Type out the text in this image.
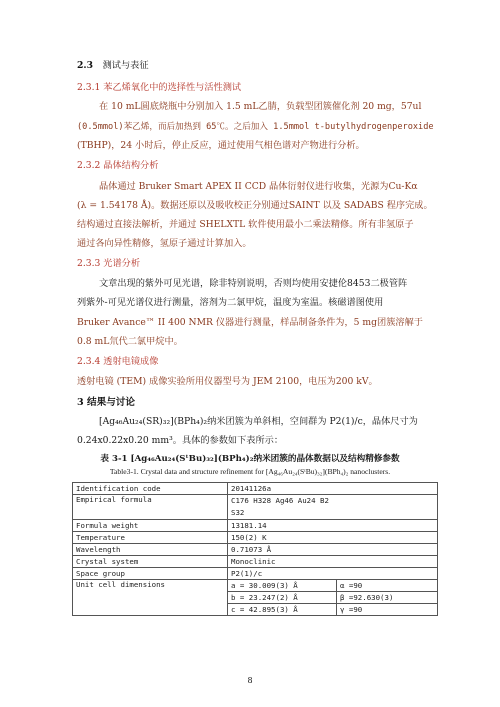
2.3 测试与表征
2.3.1 苯乙烯氧化中的选择性与活性测试
在 10 mL圆底烧瓶中分别加入 1.5 mL乙腈，负载型团簇催化剂 20 mg，57ul
(0.5mmol)苯乙烯，而后加热到 65℃。之后加入 1.5mmol t-butylhydrogenperoxide
(TBHP)，24 小时后，停止反应，通过使用气相色谱对产物进行分析。
2.3.2 晶体结构分析
晶体通过 Bruker Smart APEX II CCD 晶体衍射仪进行收集，光源为Cu-Kα
(λ = 1.54178 Å)。数据还原以及吸收校正分别通过SAINT 以及 SADABS 程序完成。
结构通过直接法解析，并通过 SHELXTL 软件使用最小二乘法精修。所有非氢原子
通过各向异性精修，氢原子通过计算加入。
2.3.3 光谱分析
文章出现的紫外可见光谱，除非特别说明，否则均使用安捷伦8453二极管阵
列紫外-可见光谱仪进行测量，溶剂为二氯甲烷，温度为室温。核磁谱图使用
Bruker Avance™ II 400 NMR 仪器进行测量，样品制备条件为，5 mg团簇溶解于
0.8 mL氘代二氯甲烷中。
2.3.4 透射电镜成像
透射电镜 (TEM) 成像实验所用仪器型号为 JEM 2100，电压为200 kV。
3 结果与讨论
[Ag₄₆Au₂₄(SR)₃₂](BPh₄)₂纳米团簇为单斜相，空间群为 P2(1)/c，晶体尺寸为
0.24x0.22x0.20 mm³。具体的参数如下表所示：
表 3-1 [Ag₄₆Au₂₄(SᵗBu)₃₂](BPh₄)₂纳米团簇的晶体数据以及结构精修参数
Table3-1. Crystal data and structure refinement for [Ag₄₆Au₂₄(SᵗBu)₃₂](BPh₄)₂ nanoclusters.
Identification code	20141126a	
Empirical formula	C176 H328 Ag46 Au24 B2
S32	

Formula weight	13181.14	
Temperature	150(2) K	
Wavelength	0.71073 Å	
Crystal system	Monoclinic	
Space group	P2(1)/c	
Unit cell dimensions	a = 30.009(3) Å	α =90
	b = 23.247(2) Å	β =92.630(3)
	c = 42.895(3) Å	γ =90
8
